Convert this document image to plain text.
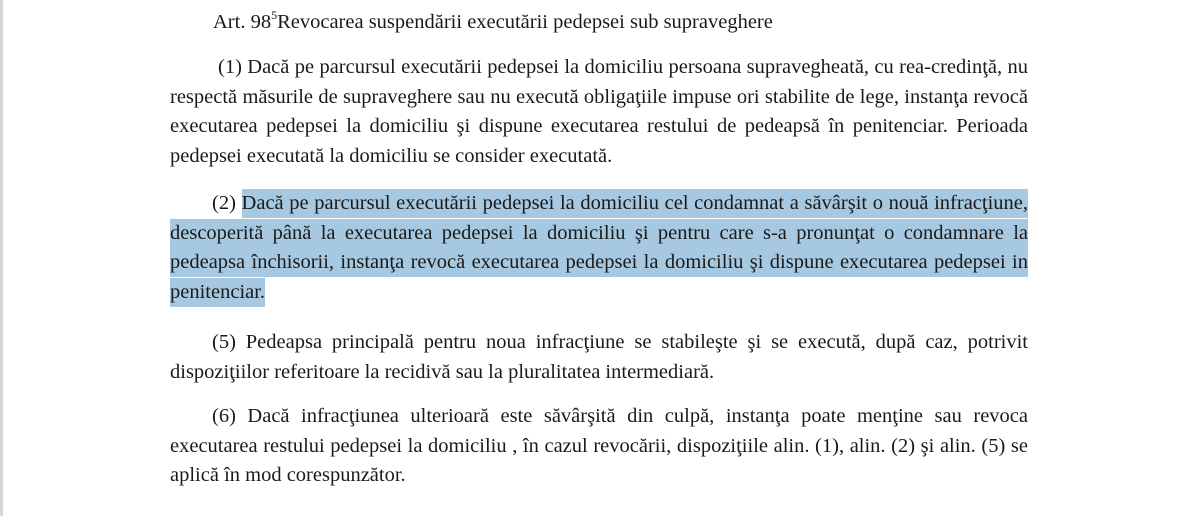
Art. $98^5Revocarea$ suspendării executării pedepsei sub supraveghere

(1) Dacă pe parcursul executării pedepsei la domiciliu persoana supravegheată, cu rea-credinţă, nu respectă măsurile de supraveghere sau nu execută obligaţiile impuse ori stabilite de lege, instanţa revocă executarea pedepsei la domiciliu şi dispune executarea restului de pedeapsă în penitenciar. Perioada pedepsei executată la domiciliu se consider executată.

(2) Dacă pe parcursul executării pedepsei la domiciliu cel condamnat a săvârşit o nouă infracţiune, descoperită până la executarea pedepsei la domiciliu şi pentru care s-a pronunţat o condamnare la pedeapsa închisorii, instanţa revocă executarea pedepsei la domiciliu şi dispune executarea pedepsei in penitenciar.

(5) Pedeapsa principală pentru noua infracţiune se stabileşte şi se execută, după caz, potrivit dispoziţiilor referitoare la recidivă sau la pluralitatea intermediară.

(6) Dacă infracţiunea ulterioară este săvârşită din culpă, instanţa poate menţine sau revoca executarea restului pedepsei la domiciliu , în cazul revocării, dispoziţiile alin. (1), alin. (2) şi alin. (5) se aplică în mod corespunzător.
